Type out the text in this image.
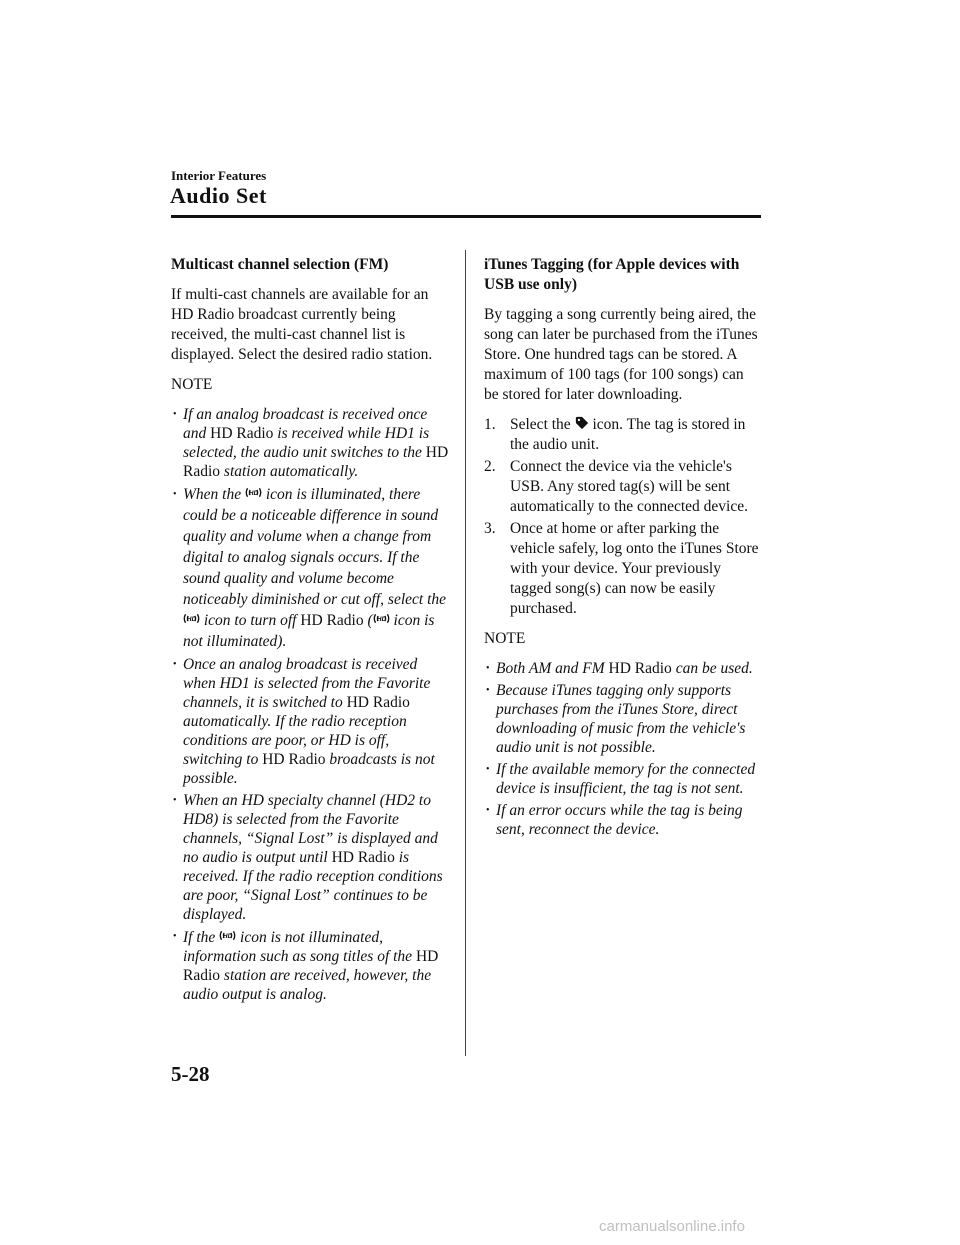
Interior Features
Audio Set
Multicast channel selection (FM)

If multi-cast channels are available for an HD Radio broadcast currently being received, the multi-cast channel list is displayed. Select the desired radio station.

NOTE
• If an analog broadcast is received once and HD Radio is received while HD1 is selected, the audio unit switches to the HD Radio station automatically.
• When the HD icon is illuminated, there could be a noticeable difference in sound quality and volume when a change from digital to analog signals occurs. If the sound quality and volume become noticeably diminished or cut off, select the
HD icon to turn off HD Radio ( HD icon is not illuminated).
• Once an analog broadcast is received when HD1 is selected from the Favorite channels, it is switched to HD Radio automatically. If the radio reception conditions are poor, or HD is off, switching to HD Radio broadcasts is not possible.
• When an HD specialty channel (HD2 to HD8) is selected from the Favorite channels, “Signal Lost” is displayed and no audio is output until HD Radio is received. If the radio reception conditions are poor, “Signal Lost” continues to be displayed.
• If the HD icon is not illuminated, information such as song titles of the HD Radio station are received, however, the audio output is analog.
iTunes Tagging (for Apple devices with USB use only)

By tagging a song currently being aired, the song can later be purchased from the iTunes Store. One hundred tags can be stored. A maximum of 100 tags (for 100 songs) can be stored for later downloading.

1. Select the icon. The tag is stored in the audio unit.
2. Connect the device via the vehicle's USB. Any stored tag(s) will be sent automatically to the connected device.
3. Once at home or after parking the vehicle safely, log onto the iTunes Store with your device. Your previously tagged song(s) can now be easily purchased.
NOTE
• Both AM and FM HD Radio can be used.
• Because iTunes tagging only supports purchases from the iTunes Store, direct downloading of music from the vehicle's audio unit is not possible.
• If the available memory for the connected device is insufficient, the tag is not sent.
• If an error occurs while the tag is being sent, reconnect the device.
5-28
carmanualsonline.info
